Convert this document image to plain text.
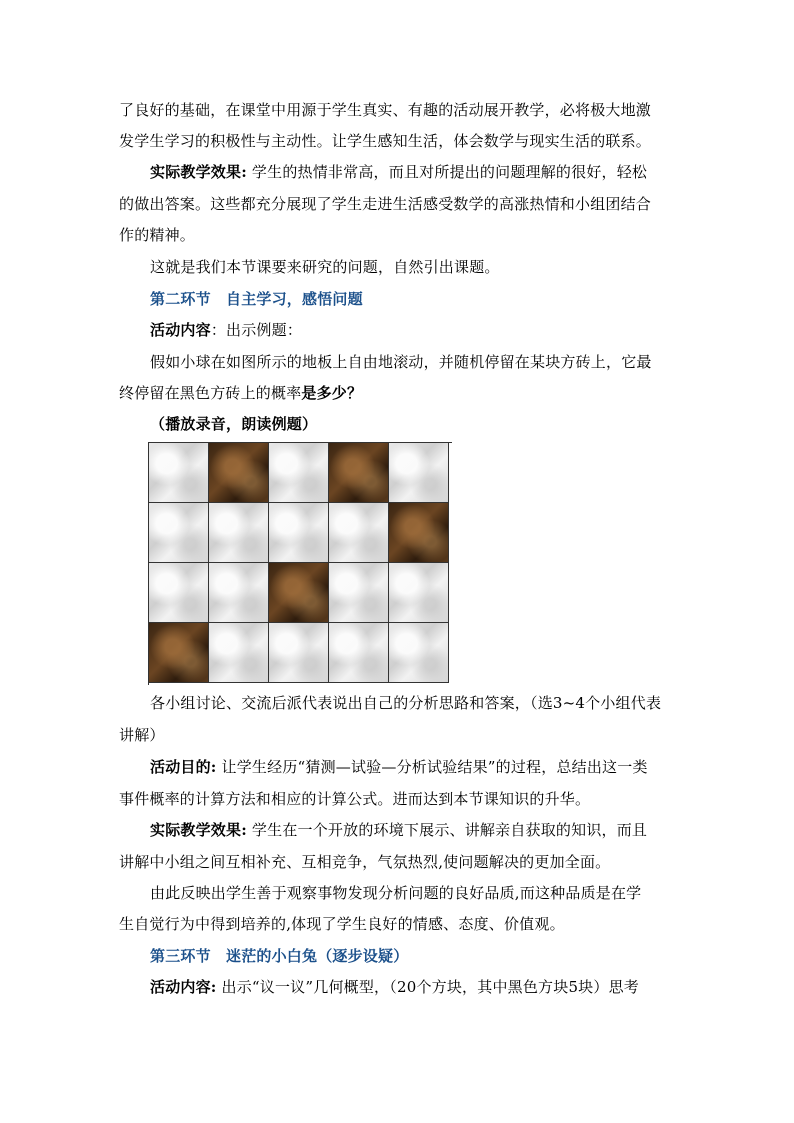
了良好的基础，在课堂中用源于学生真实、有趣的活动展开教学，必将极大地激
发学生学习的积极性与主动性。让学生感知生活，体会数学与现实生活的联系。
实际教学效果: 学生的热情非常高，而且对所提出的问题理解的很好，轻松
的做出答案。这些都充分展现了学生走进生活感受数学的高涨热情和小组团结合
作的精神。
这就是我们本节课要来研究的问题，自然引出课题。
第二环节　自主学习，感悟问题
活动内容：出示例题：
假如小球在如图所示的地板上自由地滚动，并随机停留在某块方砖上，它最
终停留在黑色方砖上的概率是多少？
（播放录音，朗读例题）
各小组讨论、交流后派代表说出自己的分析思路和答案，（选3~4个小组代表
讲解）
活动目的: 让学生经历“猜测—试验—分析试验结果”的过程，总结出这一类
事件概率的计算方法和相应的计算公式。进而达到本节课知识的升华。
实际教学效果: 学生在一个开放的环境下展示、讲解亲自获取的知识，而且
讲解中小组之间互相补充、互相竞争，气氛热烈,使问题解决的更加全面。
由此反映出学生善于观察事物发现分析问题的良好品质,而这种品质是在学
生自觉行为中得到培养的,体现了学生良好的情感、态度、价值观。
第三环节　迷茫的小白兔（逐步设疑）
活动内容: 出示“议一议”几何概型，（20个方块，其中黑色方块5块）思考
